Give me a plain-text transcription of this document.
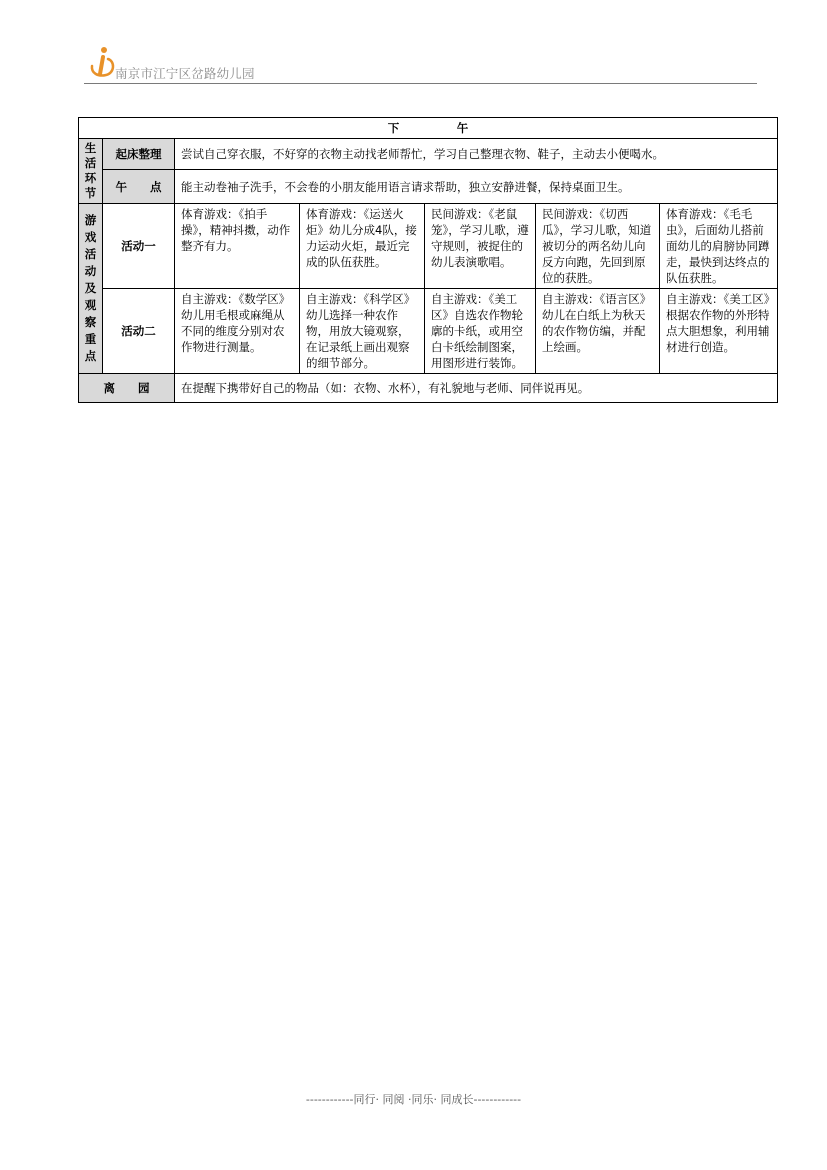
南京市江宁区岔路幼儿园
下　　　　　午						
生活环节	起床整理	尝试自己穿衣服，不好穿的衣物主动找老师帮忙，学习自己整理衣物、鞋子，主动去小便喝水。				
	午　　点	能主动卷袖子洗手，不会卷的小朋友能用语言请求帮助，独立安静进餐，保持桌面卫生。				
游戏活动及观察重点	活动一	体育游戏：《拍手操》，精神抖擞，动作整齐有力。	体育游戏：《运送火炬》幼儿分成4队，接力运动火炬，最近完成的队伍获胜。	民间游戏：《老鼠笼》，学习儿歌，遵守规则，被捉住的幼儿表演歌唱。	民间游戏：《切西瓜》，学习儿歌，知道被切分的两名幼儿向反方向跑，先回到原位的获胜。	体育游戏：《毛毛虫》，后面幼儿搭前面幼儿的肩膀协同蹲走，最快到达终点的队伍获胜。
	活动二	自主游戏：《数学区》幼儿用毛根或麻绳从不同的维度分别对农作物进行测量。	自主游戏：《科学区》幼儿选择一种农作物，用放大镜观察，在记录纸上画出观察的细节部分。	自主游戏：《美工区》自选农作物轮廓的卡纸，或用空白卡纸绘制图案，用图形进行装饰。	自主游戏：《语言区》幼儿在白纸上为秋天的农作物仿编，并配上绘画。	自主游戏：《美工区》根据农作物的外形特点大胆想象，利用辅材进行创造。
离　　园		在提醒下携带好自己的物品（如：衣物、水杯），有礼貌地与老师、同伴说再见。				
------------同行· 同阅 ·同乐· 同成长------------
